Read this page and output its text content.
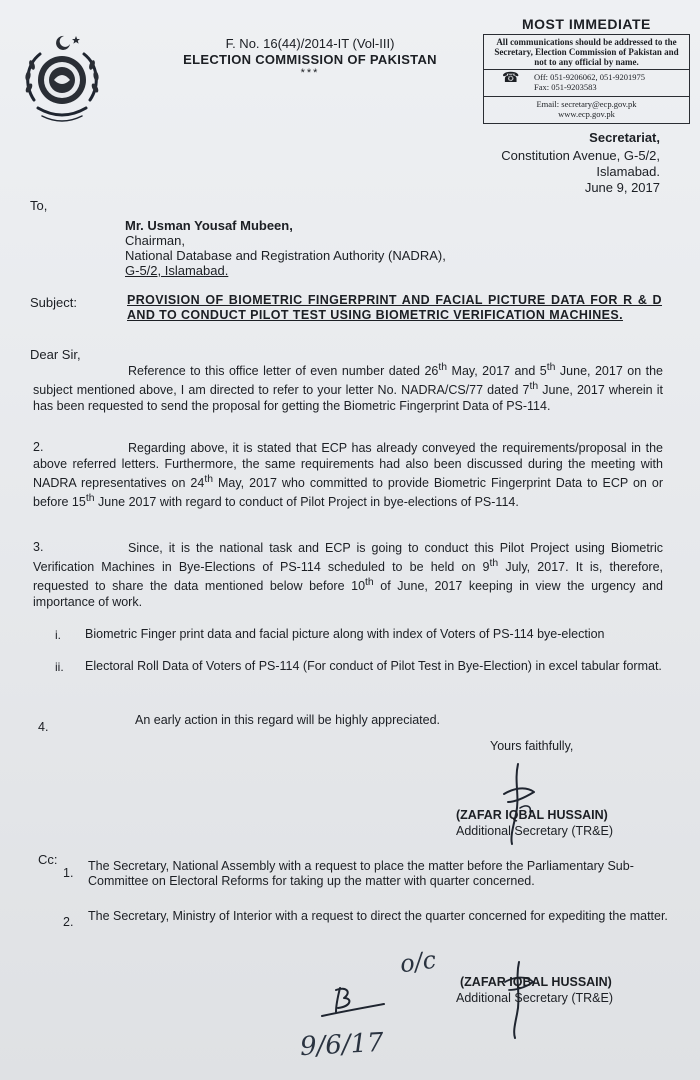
F. No. 16(44)/2014-IT (Vol-III)
ELECTION COMMISSION OF PAKISTAN
***
MOST IMMEDIATE
All communications should be addressed to the Secretary, Election Commission of Pakistan and not to any official by name.
☎ Off: 051-9206062, 051-9201975
Fax: 051-9203583
Email: secretary@ecp.gov.pk
www.ecp.gov.pk
Secretariat,
Constitution Avenue, G-5/2,
Islamabad.
June 9, 2017
To,
Mr. Usman Yousaf Mubeen,
Chairman,
National Database and Registration Authority (NADRA),
G-5/2, Islamabad.
Subject:	PROVISION OF BIOMETRIC FINGERPRINT AND FACIAL PICTURE DATA FOR R & D AND TO CONDUCT PILOT TEST USING BIOMETRIC VERIFICATION MACHINES.
Dear Sir,
Reference to this office letter of even number dated 26th May, 2017 and 5th June, 2017 on the subject mentioned above, I am directed to refer to your letter No. NADRA/CS/77 dated 7th June, 2017 wherein it has been requested to send the proposal for getting the Biometric Fingerprint Data of PS-114.
2.	Regarding above, it is stated that ECP has already conveyed the requirements/proposal in the above referred letters. Furthermore, the same requirements had also been discussed during the meeting with NADRA representatives on 24th May, 2017 who committed to provide Biometric Fingerprint Data to ECP on or before 15th June 2017 with regard to conduct of Pilot Project in bye-elections of PS-114.
3.	Since, it is the national task and ECP is going to conduct this Pilot Project using Biometric Verification Machines in Bye-Elections of PS-114 scheduled to be held on 9th July, 2017. It is, therefore, requested to share the data mentioned below before 10th of June, 2017 keeping in view the urgency and importance of work.
i. Biometric Finger print data and facial picture along with index of Voters of PS-114 bye-election
ii. Electoral Roll Data of Voters of PS-114 (For conduct of Pilot Test in Bye-Election) in excel tabular format.
4.	An early action in this regard will be highly appreciated.
Yours faithfully,
(ZAFAR IQBAL HUSSAIN)
Additional Secretary (TR&E)
Cc:
1. The Secretary, National Assembly with a request to place the matter before the Parliamentary Sub-Committee on Electoral Reforms for taking up the matter with quarter concerned.
2. The Secretary, Ministry of Interior with a request to direct the quarter concerned for expediting the matter.
o/c
(ZAFAR IQBAL HUSSAIN)
Additional Secretary (TR&E)
9/6/17
